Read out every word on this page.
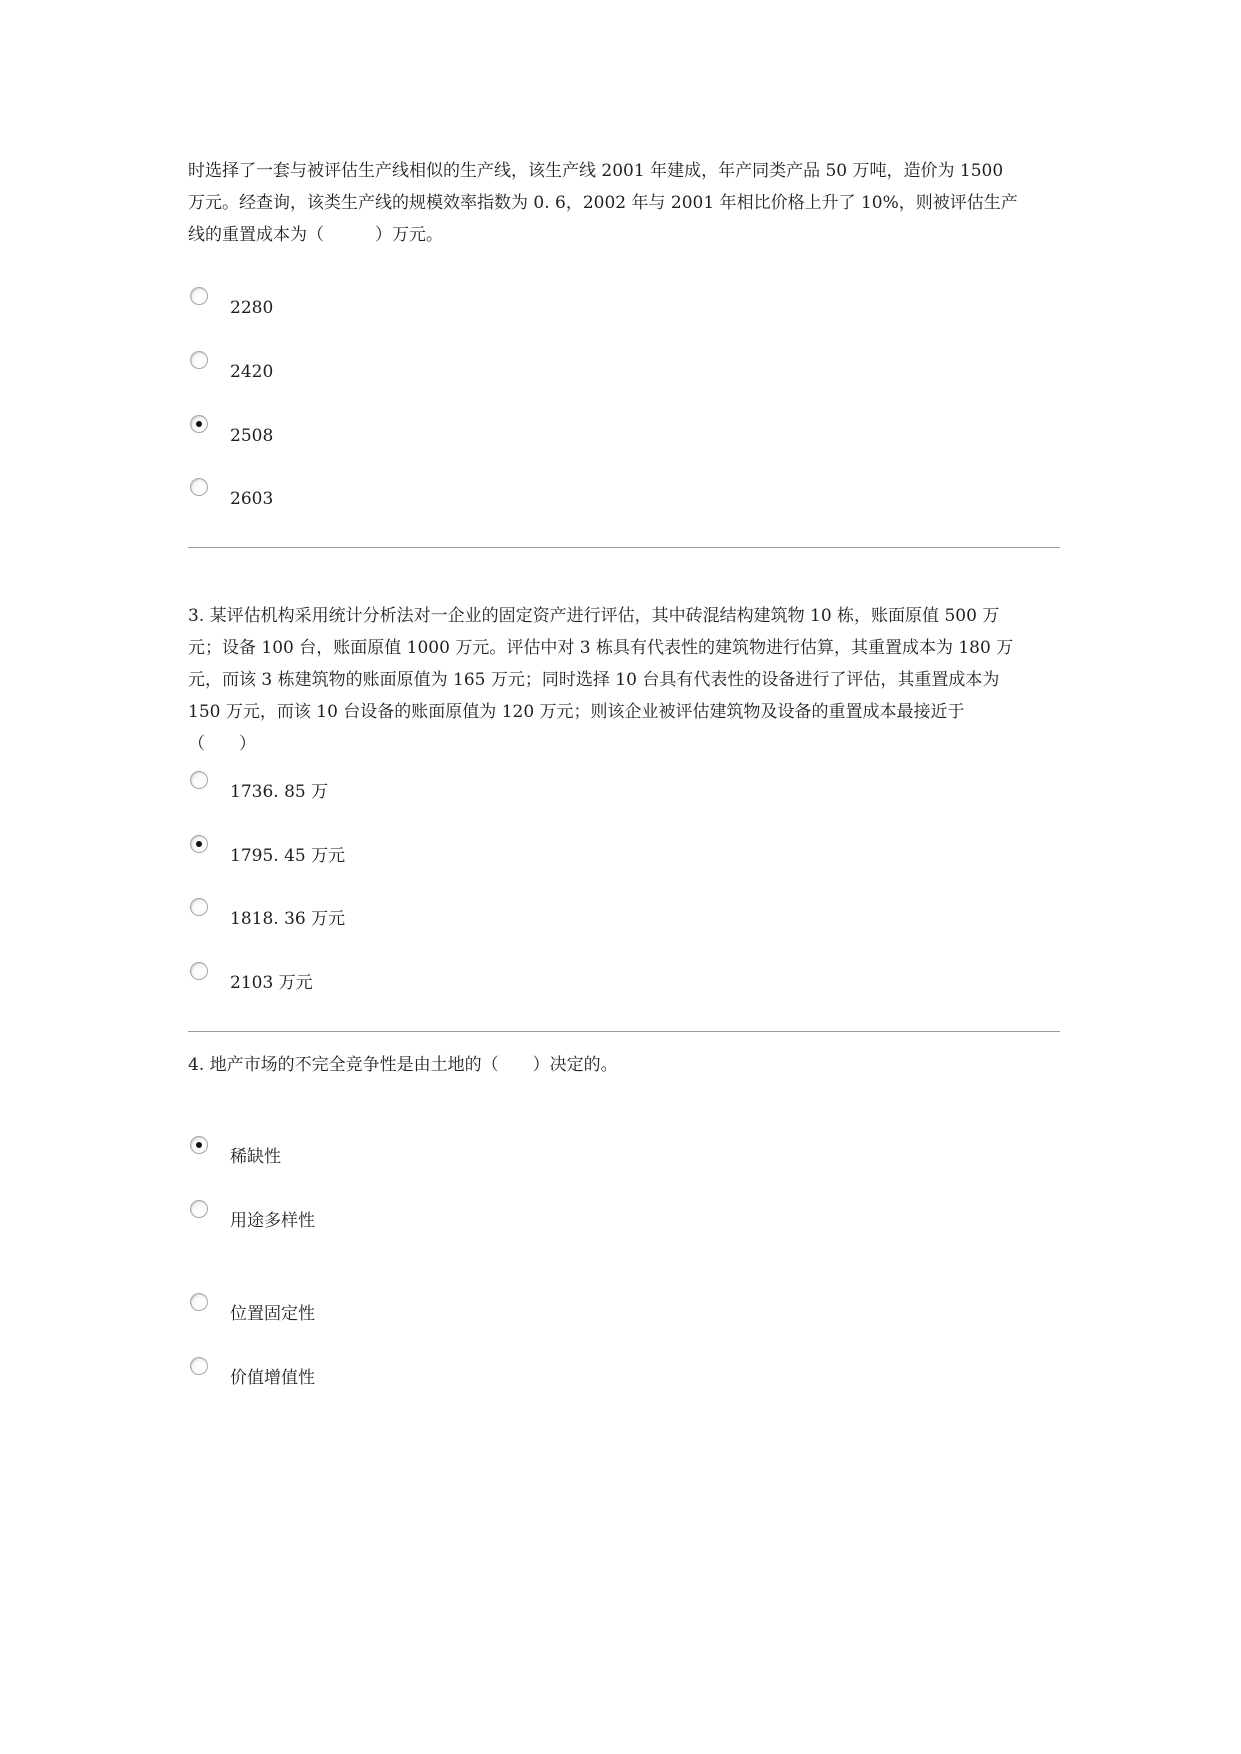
时选择了一套与被评估生产线相似的生产线，该生产线 2001 年建成，年产同类产品 50 万吨，造价为 1500
万元。经查询，该类生产线的规模效率指数为 0. 6，2002 年与 2001 年相比价格上升了 10%，则被评估生产
线的重置成本为（　　　）万元。

2280
2420
2508
2603

3. 某评估机构采用统计分析法对一企业的固定资产进行评估，其中砖混结构建筑物 10 栋，账面原值 500 万
元；设备 100 台，账面原值 1000 万元。评估中对 3 栋具有代表性的建筑物进行估算，其重置成本为 180 万
元，而该 3 栋建筑物的账面原值为 165 万元；同时选择 10 台具有代表性的设备进行了评估，其重置成本为
150 万元，而该 10 台设备的账面原值为 120 万元；则该企业被评估建筑物及设备的重置成本最接近于
（　　）

1736. 85 万
1795. 45 万元
1818. 36 万元
2103 万元

4. 地产市场的不完全竞争性是由土地的（　　）决定的。

稀缺性
用途多样性
位置固定性
价值增值性
